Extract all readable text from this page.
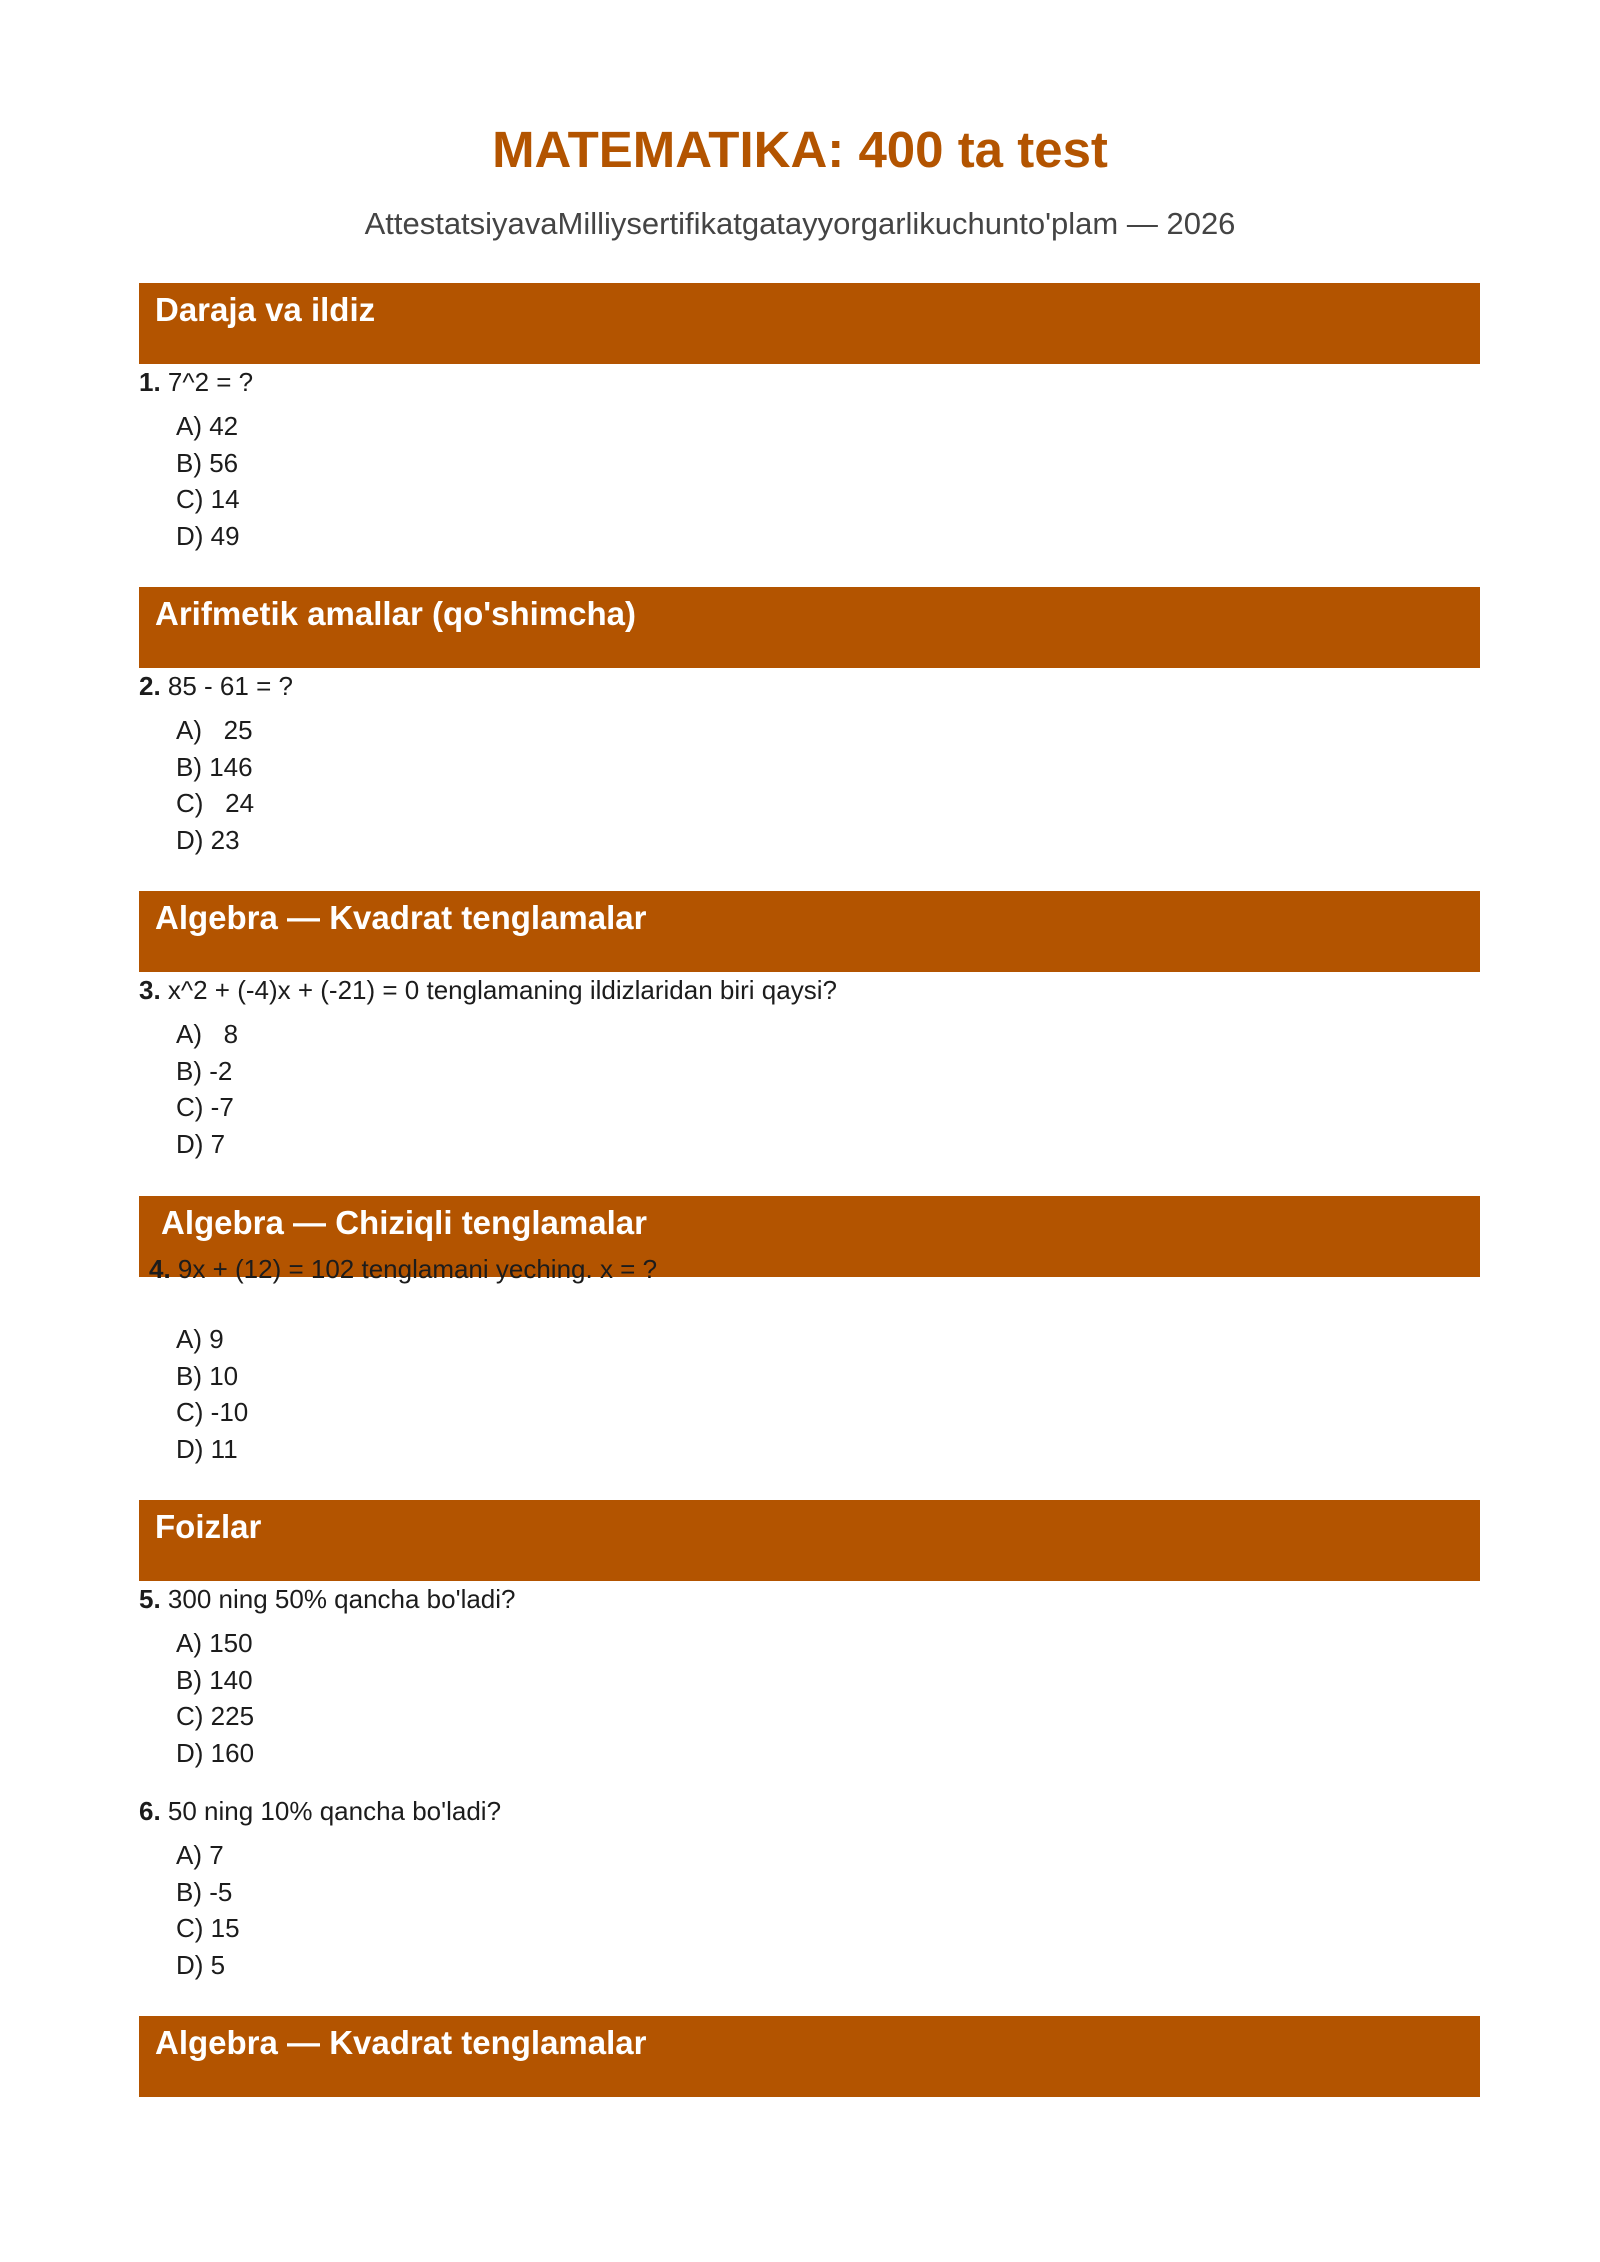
MATEMATIKA: 400 ta test

AttestatsiyavaMilliysertifikatgatayyorgarlikuchunto'plam — 2026

Daraja va ildiz
1. 7^2 = ?
A) 42
B) 56
C) 14
D) 49
Arifmetik amallar (qo'shimcha)
2. 85 - 61 = ?
A)   25
B) 146
C)   24
D) 23
Algebra — Kvadrat tenglamalar
3. x^2 + (-4)x + (-21) = 0 tenglamaning ildizlaridan biri qaysi?
A)   8
B) -2
C) -7
D) 7
Algebra — Chiziqli tenglamalar
4. 9x + (12) = 102 tenglamani yeching. x = ?
A) 9
B) 10
C) -10
D) 11
Foizlar
5. 300 ning 50% qancha bo'ladi?
A) 150
B) 140
C) 225
D) 160
6. 50 ning 10% qancha bo'ladi?
A) 7
B) -5
C) 15
D) 5
Algebra — Kvadrat tenglamalar
